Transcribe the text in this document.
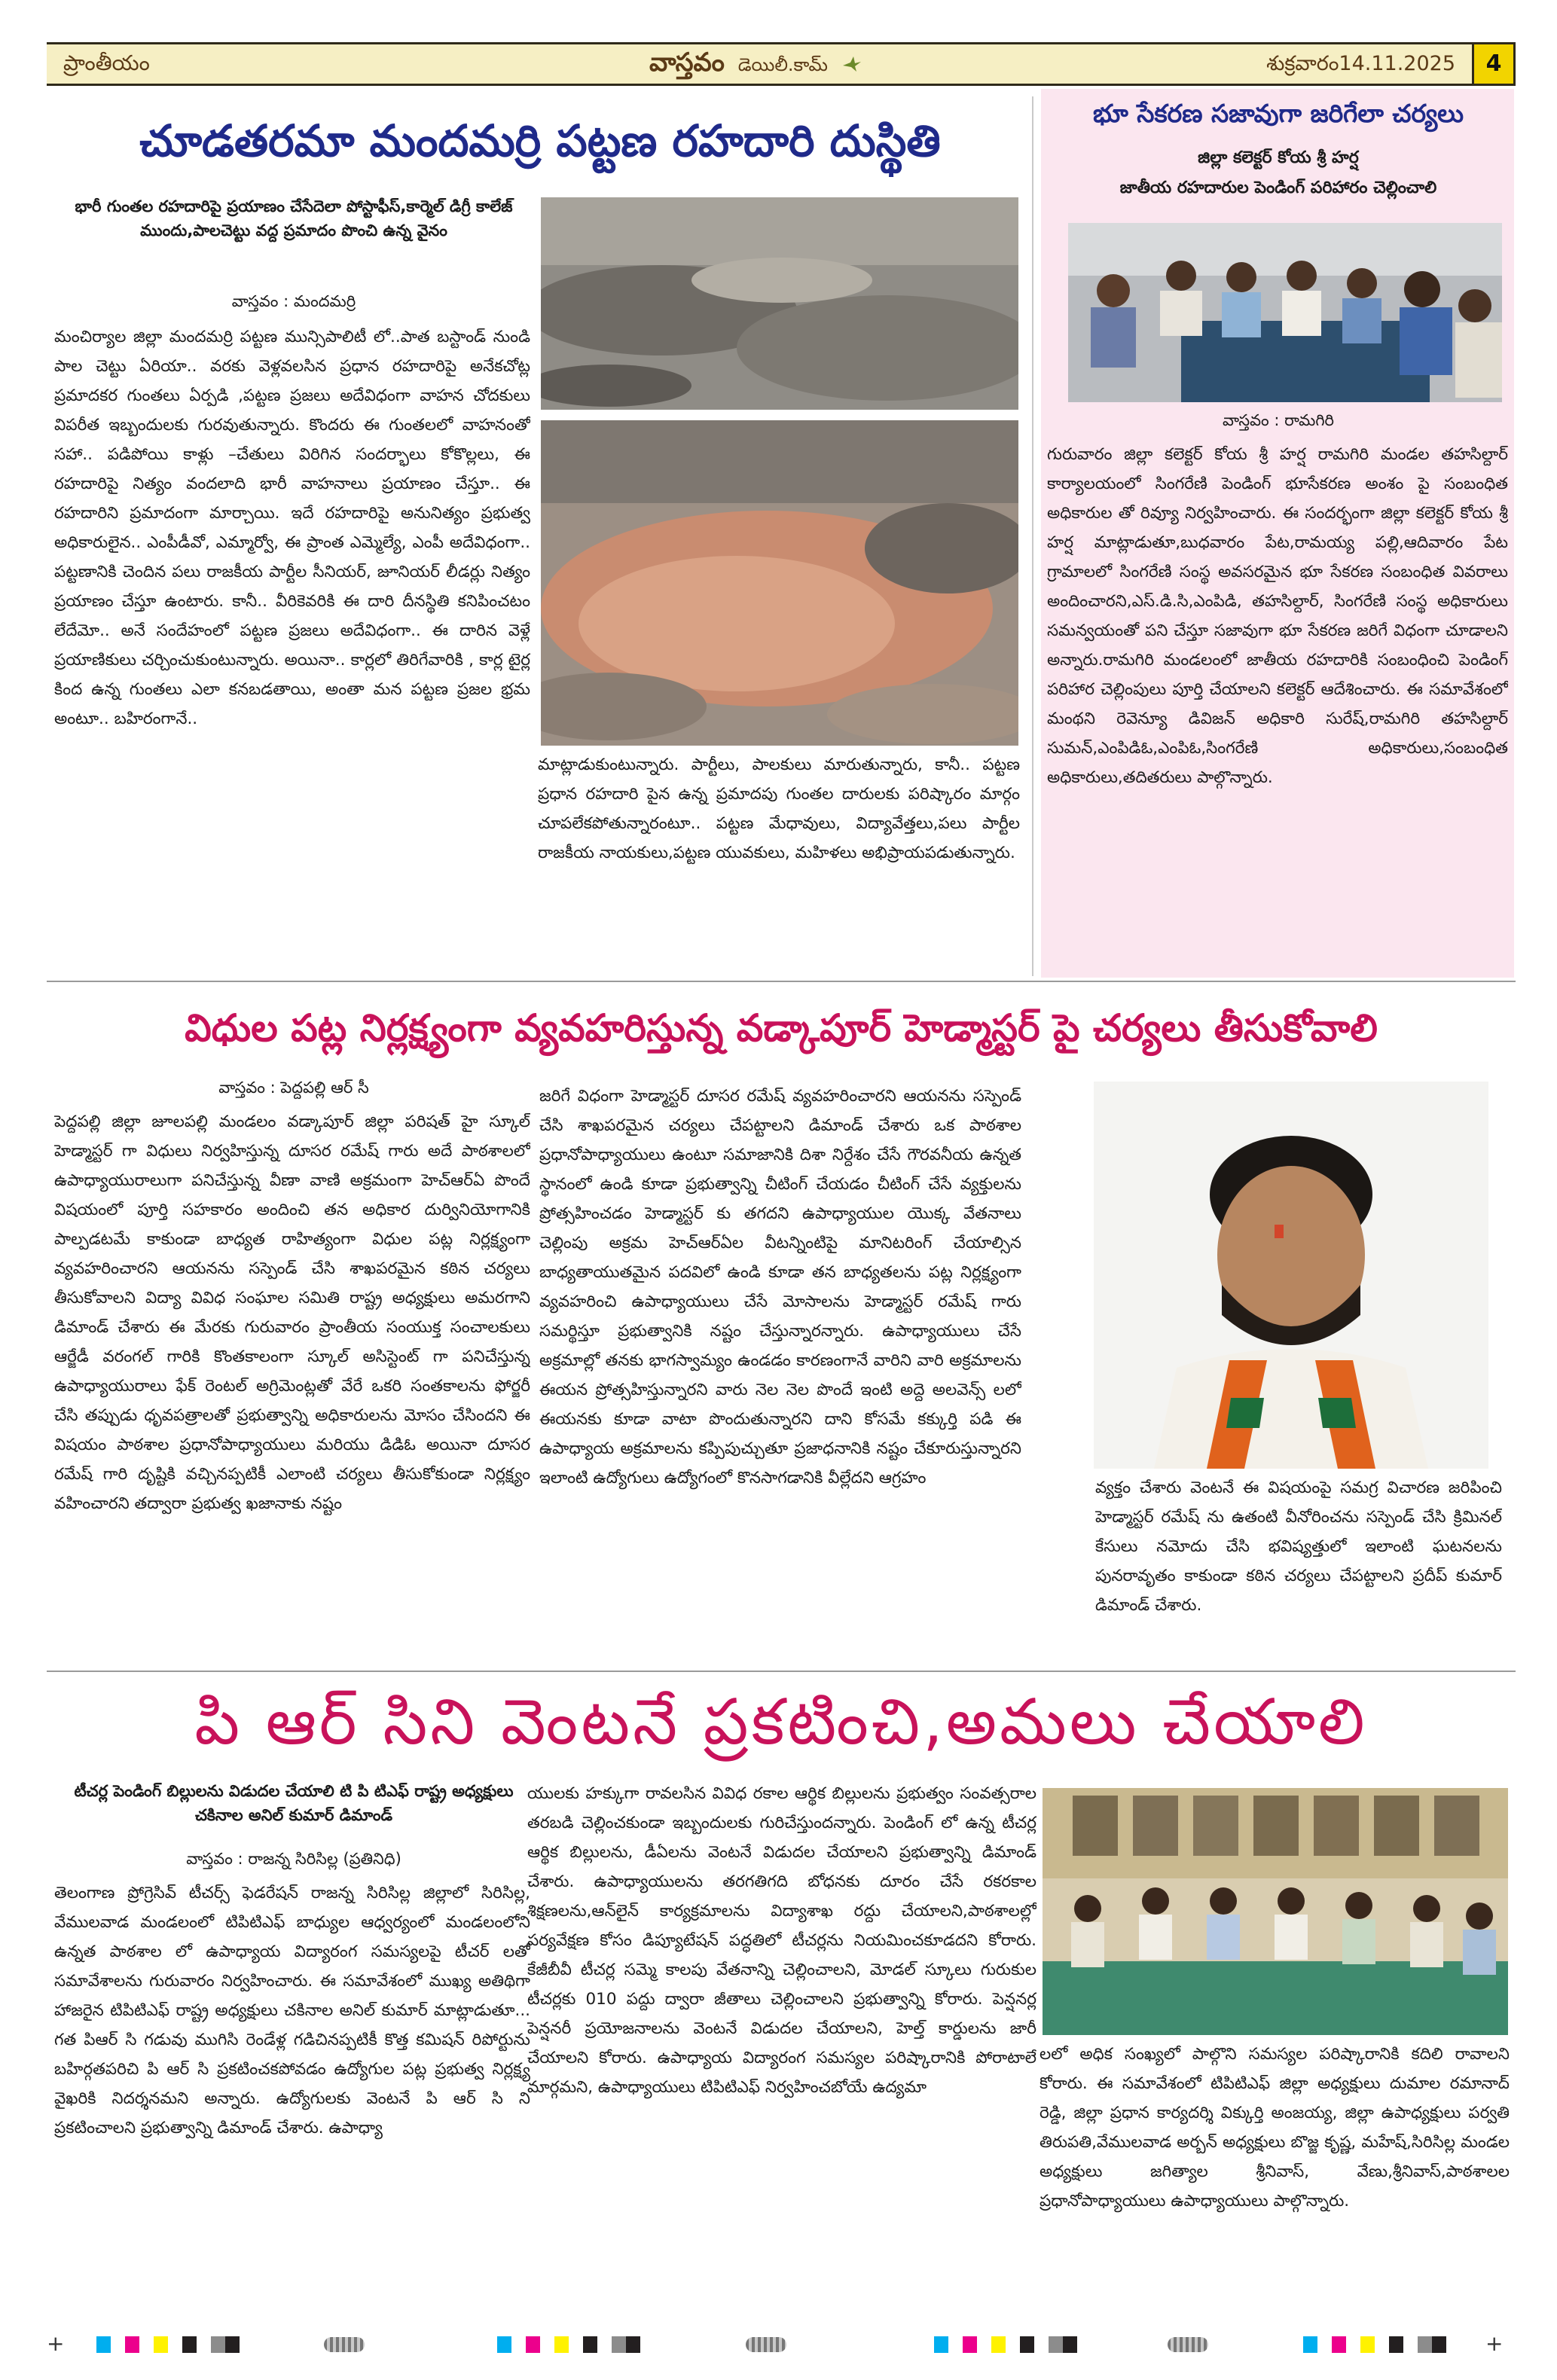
ప్రాంతీయం	వాస్తవం డెయిలీ.కామ్	శుక్రవారం14.11.2025	4
చూడతరమా మందమర్రి పట్టణ రహదారి దుస్థితి
భారీ గుంతల రహదారిపై ప్రయాణం చేసేదెలా పోస్టాఫీస్,కార్మెల్ డిగ్రీ కాలేజ్ ముందు,పాలచెట్టు వద్ద ప్రమాదం పొంచి ఉన్న వైనం
వాస్తవం : మందమర్రి
మంచిర్యాల జిల్లా మందమర్రి పట్టణ మున్సిపాలిటీ లో..పాత బస్టాండ్ నుండి పాల చెట్టు ఏరియా.. వరకు వెళ్లవలసిన ప్రధాన రహదారిపై అనేకచోట్ల ప్రమాదకర గుంతలు ఏర్పడి ,పట్టణ ప్రజలు అదేవిధంగా వాహన చోదకులు విపరీత ఇబ్బందులకు గురవుతున్నారు. కొందరు ఈ గుంతలలో వాహనంతో సహా.. పడిపోయి కాళ్లు –చేతులు విరిగిన సందర్భాలు కోకొల్లలు, ఈ రహదారిపై నిత్యం వందలాది భారీ వాహనాలు ప్రయాణం చేస్తూ.. ఈ రహదారిని ప్రమాదంగా మార్చాయి. ఇదే రహదారిపై అనునిత్యం ప్రభుత్వ అధికారులైన.. ఎంపీడీవో, ఎమ్మార్వో, ఈ ప్రాంత ఎమ్మెల్యే, ఎంపీ అదేవిధంగా.. పట్టణానికి చెందిన పలు రాజకీయ పార్టీల సీనియర్, జూనియర్ లీడర్లు నిత్యం ప్రయాణం చేస్తూ ఉంటారు. కానీ.. వీరికెవరికి ఈ దారి దీనస్థితి కనిపించటం లేదేమో.. అనే సందేహంలో పట్టణ ప్రజలు అదేవిధంగా.. ఈ దారిన వెళ్లే ప్రయాణికులు చర్చించుకుంటున్నారు. అయినా.. కార్లలో తిరిగేవారికి , కార్ల టైర్ల కింద ఉన్న గుంతలు ఎలా కనబడతాయి, అంతా మన పట్టణ ప్రజల భ్రమ అంటూ.. బహిరంగానే..
మాట్లాడుకుంటున్నారు. పార్టీలు, పాలకులు మారుతున్నారు, కానీ.. పట్టణ ప్రధాన రహదారి పైన ఉన్న ప్రమాదపు గుంతల దారులకు పరిష్కారం మార్గం చూపలేకపోతున్నారంటూ.. పట్టణ మేధావులు, విద్యావేత్తలు,పలు పార్టీల రాజకీయ నాయకులు,పట్టణ యువకులు, మహిళలు అభిప్రాయపడుతున్నారు.
భూ సేకరణ సజావుగా జరిగేలా చర్యలు
జిల్లా కలెక్టర్ కోయ శ్రీ హర్ష
జాతీయ రహదారుల పెండింగ్ పరిహారం చెల్లించాలి
వాస్తవం : రామగిరి
గురువారం జిల్లా కలెక్టర్ కోయ శ్రీ హర్ష రామగిరి మండల తహసిల్దార్ కార్యాలయంలో సింగరేణి పెండింగ్ భూసేకరణ అంశం పై సంబంధిత అధికారుల తో రివ్యూ నిర్వహించారు. ఈ సందర్భంగా జిల్లా కలెక్టర్ కోయ శ్రీ హర్ష మాట్లాడుతూ,బుధవారం పేట,రామయ్య పల్లి,ఆదివారం పేట గ్రామాలలో సింగరేణి సంస్థ అవసరమైన భూ సేకరణ సంబంధిత వివరాలు అందించారని,ఎస్.డి.సి,ఎంపిడి, తహసిల్దార్, సింగరేణి సంస్థ అధికారులు సమన్వయంతో పని చేస్తూ సజావుగా భూ సేకరణ జరిగే విధంగా చూడాలని అన్నారు.రామగిరి మండలంలో జాతీయ రహదారికి సంబంధించి పెండింగ్ పరిహార చెల్లింపులు పూర్తి చేయాలని కలెక్టర్ ఆదేశించారు. ఈ సమావేశంలో మంథని రెవెన్యూ డివిజన్ అధికారి సురేష్,రామగిరి తహసిల్దార్ సుమన్,ఎంపిడిఓ,ఎంపిఓ,సింగరేణి అధికారులు,సంబంధిత అధికారులు,తదితరులు పాల్గొన్నారు.
విధుల పట్ల నిర్లక్ష్యంగా వ్యవహరిస్తున్న వడ్కాపూర్ హెడ్మాస్టర్ పై చర్యలు తీసుకోవాలి
వాస్తవం : పెద్దపల్లి ఆర్ సీ
పెద్దపల్లి జిల్లా జూలపల్లి మండలం వడ్కాపూర్ జిల్లా పరిషత్ హై స్కూల్ హెడ్మాస్టర్ గా విధులు నిర్వహిస్తున్న దూసర రమేష్ గారు అదే పాఠశాలలో ఉపాధ్యాయురాలుగా పనిచేస్తున్న వీణా వాణి అక్రమంగా హెచ్ఆర్ఏ పొందే విషయంలో పూర్తి సహకారం అందించి తన అధికార దుర్వినియోగానికి పాల్పడటమే కాకుండా బాధ్యత రాహిత్యంగా విధుల పట్ల నిర్లక్ష్యంగా వ్యవహరించారని ఆయనను సస్పెండ్ చేసి శాఖపరమైన కఠిన చర్యలు తీసుకోవాలని విద్యా వివిధ సంఘాల సమితి రాష్ట్ర అధ్యక్షులు అమరగాని డిమాండ్ చేశారు ఈ మేరకు గురువారం ప్రాంతీయ సంయుక్త సంచాలకులు ఆర్జేడీ వరంగల్ గారికి కొంతకాలంగా స్కూల్ అసిస్టెంట్ గా పనిచేస్తున్న ఉపాధ్యాయురాలు ఫేక్ రెంటల్ అగ్రిమెంట్లతో వేరే ఒకరి సంతకాలను ఫోర్జరీ చేసి తప్పుడు ధృవపత్రాలతో ప్రభుత్వాన్ని అధికారులను మోసం చేసిందని ఈ విషయం పాఠశాల ప్రధానోపాధ్యాయులు మరియు డిడిఓ అయినా దూసర రమేష్ గారి దృష్టికి వచ్చినప్పటికీ ఎలాంటి చర్యలు తీసుకోకుండా నిర్లక్ష్యం వహించారని తద్వారా ప్రభుత్వ ఖజానాకు నష్టం
జరిగే విధంగా హెడ్మాస్టర్ దూసర రమేష్ వ్యవహరించారని ఆయనను సస్పెండ్ చేసి శాఖపరమైన చర్యలు చేపట్టాలని డిమాండ్ చేశారు ఒక పాఠశాల ప్రధానోపాధ్యాయులు ఉంటూ సమాజానికి దిశా నిర్దేశం చేసే గౌరవనీయ ఉన్నత స్థానంలో ఉండి కూడా ప్రభుత్వాన్ని చీటింగ్ చేయడం చీటింగ్ చేసే వ్యక్తులను ప్రోత్సహించడం హెడ్మాస్టర్ కు తగదని ఉపాధ్యాయుల యొక్క వేతనాలు చెల్లింపు అక్రమ హెచ్ఆర్ఏల వీటన్నింటిపై మానిటరింగ్ చేయాల్సిన బాధ్యతాయుతమైన పదవిలో ఉండి కూడా తన బాధ్యతలను పట్ల నిర్లక్ష్యంగా వ్యవహరించి ఉపాధ్యాయులు చేసే మోసాలను హెడ్మాస్టర్ రమేష్ గారు సమర్థిస్తూ ప్రభుత్వానికి నష్టం చేస్తున్నారన్నారు. ఉపాధ్యాయులు చేసే అక్రమాల్లో తనకు భాగస్వామ్యం ఉండడం కారణంగానే వారిని వారి అక్రమాలను ఈయన ప్రోత్సహిస్తున్నారని వారు నెల నెల పొందే ఇంటి అద్దె అలవెన్స్ లలో ఈయనకు కూడా వాటా పొందుతున్నారని దాని కోసమే కక్కుర్తి పడి ఈ ఉపాధ్యాయ అక్రమాలను కప్పిపుచ్చుతూ ప్రజాధనానికి నష్టం చేకూరుస్తున్నారని ఇలాంటి ఉద్యోగులు ఉద్యోగంలో కొనసాగడానికి వీల్లేదని ఆగ్రహం
వ్యక్తం చేశారు వెంటనే ఈ విషయంపై సమగ్ర విచారణ జరిపించి హెడ్మాస్టర్ రమేష్ ను ఉతంటి వీనోరించను సస్పెండ్ చేసి క్రిమినల్ కేసులు నమోదు చేసి భవిష్యత్తులో ఇలాంటి ఘటనలను పునరావృతం కాకుండా కఠిన చర్యలు చేపట్టాలని ప్రదీప్ కుమార్ డిమాండ్ చేశారు.
పి ఆర్ సిని వెంటనే ప్రకటించి,అమలు చేయాలి
టీచర్ల పెండింగ్ బిల్లులను విడుదల చేయాలి టి పి టిఎఫ్ రాష్ట్ర అధ్యక్షులు చకినాల అనిల్ కుమార్ డిమాండ్
వాస్తవం : రాజన్న సిరిసిల్ల (ప్రతినిధి)
తెలంగాణ ప్రోగ్రెసివ్ టీచర్స్ ఫెడరేషన్ రాజన్న సిరిసిల్ల జిల్లాలో సిరిసిల్ల, వేములవాడ మండలంలో టిపిటిఎఫ్ బాధ్యుల ఆధ్వర్యంలో మండలంలోని ఉన్నత పాఠశాల లో ఉపాధ్యాయ విద్యారంగ సమస్యలపై టీచర్ లతో సమావేశాలను గురువారం నిర్వహించారు. ఈ సమావేశంలో ముఖ్య అతిథిగా హాజరైన టిపిటిఎఫ్ రాష్ట్ర అధ్యక్షులు చకినాల అనిల్ కుమార్ మాట్లాడుతూ... గత పిఆర్ సి గడువు ముగిసి రెండేళ్ల గడిచినప్పటికీ కొత్త కమిషన్ రిపోర్టును బహిర్గతపరిచి పి ఆర్ సి ప్రకటించకపోవడం ఉద్యోగుల పట్ల ప్రభుత్వ నిర్లక్ష్య వైఖరికి నిదర్శనమని అన్నారు. ఉద్యోగులకు వెంటనే పి ఆర్ సి ని ప్రకటించాలని ప్రభుత్వాన్ని డిమాండ్ చేశారు. ఉపాధ్యా
యులకు హక్కుగా రావలసిన వివిధ రకాల ఆర్థిక బిల్లులను ప్రభుత్వం సంవత్సరాల తరబడి చెల్లించకుండా ఇబ్బందులకు గురిచేస్తుందన్నారు. పెండింగ్ లో ఉన్న టీచర్ల ఆర్థిక బిల్లులను, డీఏలను వెంటనే విడుదల చేయాలని ప్రభుత్వాన్ని డిమాండ్ చేశారు. ఉపాధ్యాయులను తరగతిగది బోధనకు దూరం చేసే రకరకాల శిక్షణలను,ఆన్‌లైన్ కార్యక్రమాలను విద్యాశాఖ రద్దు చేయాలని,పాఠశాలల్లో పర్యవేక్షణ కోసం డిప్యూటేషన్ పద్ధతిలో టీచర్లను నియమించకూడదని కోరారు. కేజీబీవీ టీచర్ల సమ్మె కాలపు వేతనాన్ని చెల్లించాలని, మోడల్ స్కూలు గురుకుల టీచర్లకు 010 పద్దు ద్వారా జీతాలు చెల్లించాలని ప్రభుత్వాన్ని కోరారు. పెన్షనర్ల పెన్షనరీ ప్రయోజనాలను వెంటనే విడుదల చేయాలని, హెల్త్ కార్డులను జారీ చేయాలని కోరారు. ఉపాధ్యాయ విద్యారంగ సమస్యల పరిష్కారానికి పోరాటాలే మార్గమని, ఉపాధ్యాయులు టిపిటిఎఫ్ నిర్వహించబోయే ఉద్యమా
లలో అధిక సంఖ్యలో పాల్గొని సమస్యల పరిష్కారానికి కదిలి రావాలని కోరారు. ఈ సమావేశంలో టిపిటిఎఫ్ జిల్లా అధ్యక్షులు దుమాల రమానాద్ రెడ్డి, జిల్లా ప్రధాన కార్యదర్శి విక్కుర్తి అంజయ్య, జిల్లా ఉపాధ్యక్షులు పర్వతి తిరుపతి,వేములవాడ అర్బన్ అధ్యక్షులు బొజ్జ కృష్ణ, మహేష్,సిరిసిల్ల మండల అధ్యక్షులు జగిత్యాల శ్రీనివాస్, వేణు,శ్రీనివాస్,పాఠశాలల ప్రధానోపాధ్యాయులు ఉపాధ్యాయులు పాల్గొన్నారు.
+	+
